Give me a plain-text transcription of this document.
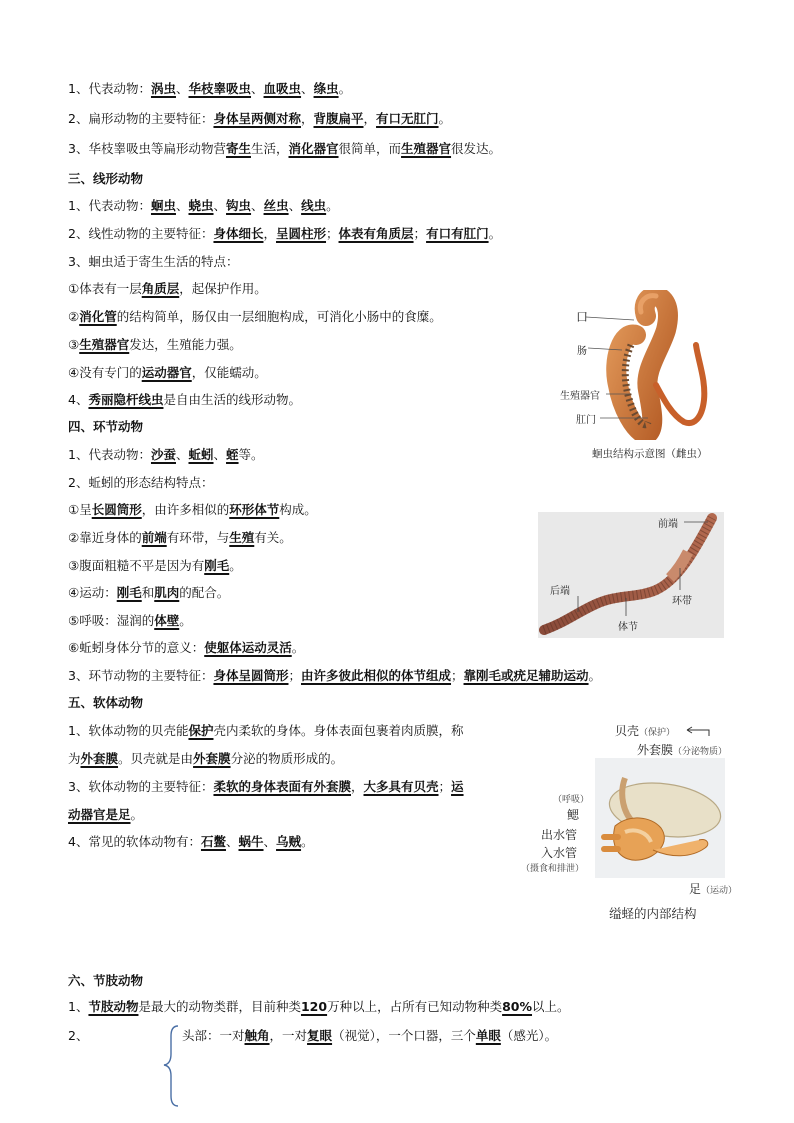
1、代表动物：涡虫、华枝睾吸虫、血吸虫、绦虫。
2、扁形动物的主要特征：身体呈两侧对称，背腹扁平，有口无肛门。
3、华枝睾吸虫等扁形动物营寄生生活，消化器官很简单，而生殖器官很发达。
三、线形动物
1、代表动物：蛔虫、蛲虫、钩虫、丝虫、线虫。
2、线性动物的主要特征：身体细长，呈圆柱形；体表有角质层；有口有肛门。
3、蛔虫适于寄生生活的特点：
①体表有一层角质层，起保护作用。
②消化管的结构简单，肠仅由一层细胞构成，可消化小肠中的食糜。
③生殖器官发达，生殖能力强。
④没有专门的运动器官，仅能蠕动。
4、秀丽隐杆线虫是自由生活的线形动物。
四、环节动物
1、代表动物：沙蚕、蚯蚓、蛭等。
2、蚯蚓的形态结构特点：
①呈长圆筒形，由许多相似的环形体节构成。
②靠近身体的前端有环带，与生殖有关。
③腹面粗糙不平是因为有刚毛。
④运动：刚毛和肌肉的配合。
⑤呼吸：湿润的体壁。
⑥蚯蚓身体分节的意义：使躯体运动灵活。
3、环节动物的主要特征：身体呈圆筒形；由许多彼此相似的体节组成；靠刚毛或疣足辅助运动。
五、软体动物
1、软体动物的贝壳能保护壳内柔软的身体。身体表面包裹着肉质膜，称
为外套膜。贝壳就是由外套膜分泌的物质形成的。
3、软体动物的主要特征：柔软的身体表面有外套膜，大多具有贝壳；运
动器官是足。
4、常见的软体动物有：石鳖、蜗牛、乌贼。
六、节肢动物
1、节肢动物是最大的动物类群，目前种类120万种以上，占所有已知动物种类80%以上。
2、	头部：一对触角，一对复眼（视觉），一个口器，三个单眼（感光）。
口
肠
生殖器官
肛门
蛔虫结构示意图（雌虫）
前端
后端
环带
体节
贝壳（保护）
外套膜（分泌物质）
（呼吸）
鳃
出水管
入水管
（摄食和排泄）
足（运动）
缢蛏的内部结构
